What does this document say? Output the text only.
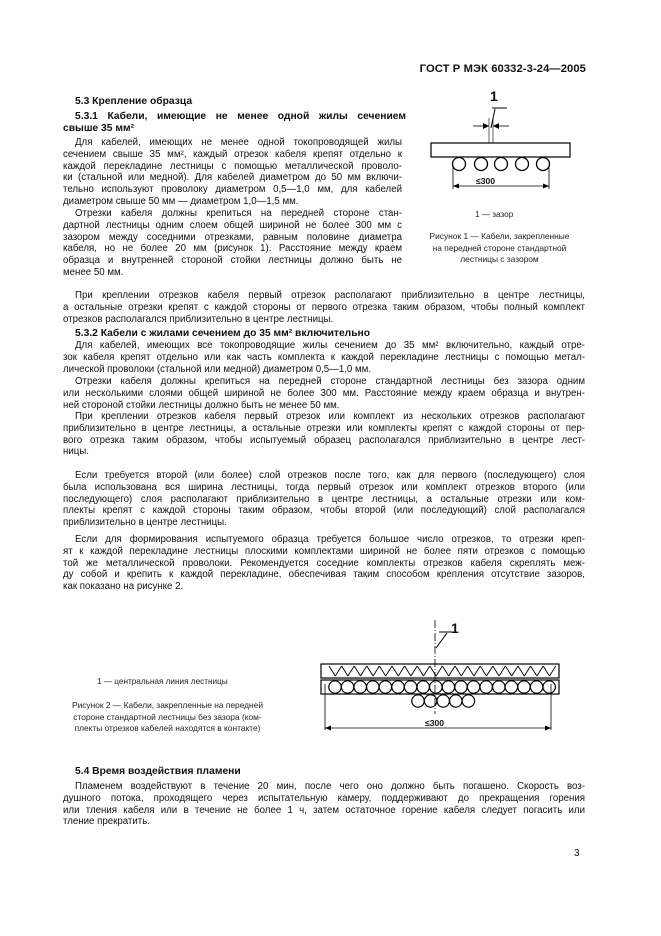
ГОСТ Р МЭК 60332-3-24—2005
5.3 Крепление образца
5.3.1 Кабели, имеющие не менее одной жилы сечением
свыше 35 мм²
Для кабелей, имеющих не менее одной токопроводящей жилы
сечением свыше 35 мм², каждый отрезок кабеля крепят отдельно к
каждой перекладине лестницы с помощью металлической проволо-
ки (стальной или медной). Для кабелей диаметром до 50 мм включи-
тельно используют проволоку диаметром 0,5—1,0 мм, для кабелей
диаметром свыше 50 мм — диаметром 1,0—1,5 мм.
Отрезки кабеля должны крепиться на передней стороне стан-
дартной лестницы одним слоем общей шириной не более 300 мм с
зазором между соседними отрезками, равным половине диаметра
кабеля, но не более 20 мм (рисунок 1). Расстояние между краем
образца и внутренней стороной стойки лестницы должно быть не
менее 50 мм.
1
≤300
1 — зазор
Рисунок 1 — Кабели, закрепленные
на передней стороне стандартной
лестницы с зазором
При креплении отрезков кабеля первый отрезок располагают приблизительно в центре лестницы,
а остальные отрезки крепят с каждой стороны от первого отрезка таким образом, чтобы полный комплект
отрезков располагался приблизительно в центре лестницы.
5.3.2 Кабели с жилами сечением до 35 мм² включительно
Для кабелей, имеющих все токопроводящие жилы сечением до 35 мм² включительно, каждый отре-
зок кабеля крепят отдельно или как часть комплекта к каждой перекладине лестницы с помощью метал-
лической проволоки (стальной или медной) диаметром 0,5—1,0 мм.
Отрезки кабеля должны крепиться на передней стороне стандартной лестницы без зазора одним
или несколькими слоями общей шириной не более 300 мм. Расстояние между краем образца и внутрен-
ней стороной стойки лестницы должно быть не менее 50 мм.
При креплении отрезков кабеля первый отрезок или комплект из нескольких отрезков располагают
приблизительно в центре лестницы, а остальные отрезки или комплекты крепят с каждой стороны от пер-
вого отрезка таким образом, чтобы испытуемый образец располагался приблизительно в центре лест-
ницы.
Если требуется второй (или более) слой отрезков после того, как для первого (последующего) слоя
была использована вся ширина лестницы, тогда первый отрезок или комплект отрезков второго (или
последующего) слоя располагают приблизительно в центре лестницы, а остальные отрезки или ком-
плекты крепят с каждой стороны таким образом, чтобы второй (или последующий) слой располагался
приблизительно в центре лестницы.
Если для формирования испытуемого образца требуется большое число отрезков, то отрезки креп-
ят к каждой перекладине лестницы плоскими комплектами шириной не более пяти отрезков с помощью
той же металлической проволоки. Рекомендуется соседние комплекты отрезков кабеля скреплять меж-
ду собой и крепить к каждой перекладине, обеспечивая таким способом крепления отсутствие зазоров,
как показано на рисунке 2.
1
≤300
1 — центральная линия лестницы
Рисунок 2 — Кабели, закрепленные на передней
стороне стандартной лестницы без зазора (ком-
плекты отрезков кабелей находятся в контакте)
5.4 Время воздействия пламени
Пламенем воздействуют в течение 20 мин, после чего оно должно быть погашено. Скорость воз-
душного потока, проходящего через испытательную камеру, поддерживают до прекращения горения
или тления кабеля или в течение не более 1 ч, затем остаточное горение кабеля следует погасить или
тление прекратить.
3
